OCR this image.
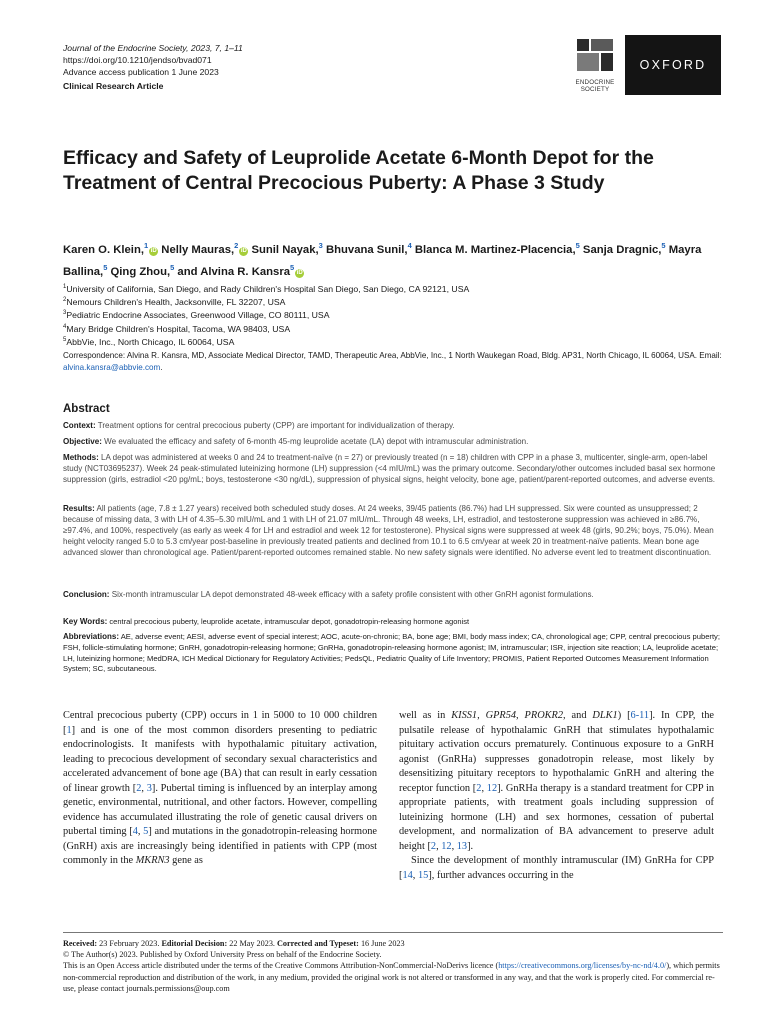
Journal of the Endocrine Society, 2023, 7, 1–11
https://doi.org/10.1210/jendso/bvad071
Advance access publication 1 June 2023
Clinical Research Article	ENDOCRINE
SOCIETY
OXFORD
Efficacy and Safety of Leuprolide Acetate 6-Month Depot for the Treatment of Central Precocious Puberty: A Phase 3 Study
Karen O. Klein,$^1$iD Nelly Mauras,$^2$iD Sunil Nayak,$^3$ Bhuvana Sunil,$^4$ Blanca M. Martinez-Placencia,$^5$ Sanja Dragnic,$^5$ Mayra Ballina,$^5$ Qing Zhou,$^5$ and Alvina R. Kansra$^5$iD
$^1$University of California, San Diego, and Rady Children's Hospital San Diego, San Diego, CA 92121, USA
$^2$Nemours Children's Health, Jacksonville, FL 32207, USA
$^3$Pediatric Endocrine Associates, Greenwood Village, CO 80111, USA
$^4$Mary Bridge Children's Hospital, Tacoma, WA 98403, USA
$^5$AbbVie, Inc., North Chicago, IL 60064, USA
Correspondence: Alvina R. Kansra, MD, Associate Medical Director, TAMD, Therapeutic Area, AbbVie, Inc., 1 North Waukegan Road, Bldg. AP31, North Chicago, IL 60064, USA. Email: alvina.kansra@abbvie.com.
Abstract
Context: Treatment options for central precocious puberty (CPP) are important for individualization of therapy.
Objective: We evaluated the efficacy and safety of 6-month 45-mg leuprolide acetate (LA) depot with intramuscular administration.
Methods: LA depot was administered at weeks 0 and 24 to treatment-naïve (n = 27) or previously treated (n = 18) children with CPP in a phase 3, multicenter, single-arm, open-label study (NCT03695237). Week 24 peak-stimulated luteinizing hormone (LH) suppression (<4 mIU/mL) was the primary outcome. Secondary/other outcomes included basal sex hormone suppression (girls, estradiol <20 pg/mL; boys, testosterone <30 ng/dL), suppression of physical signs, height velocity, bone age, patient/parent-reported outcomes, and adverse events.
Results: All patients (age, 7.8 ± 1.27 years) received both scheduled study doses. At 24 weeks, 39/45 patients (86.7%) had LH suppressed. Six were counted as unsuppressed; 2 because of missing data, 3 with LH of 4.35–5.30 mIU/mL and 1 with LH of 21.07 mIU/mL. Through 48 weeks, LH, estradiol, and testosterone suppression was achieved in ≥86.7%, ≥97.4%, and 100%, respectively (as early as week 4 for LH and estradiol and week 12 for testosterone). Physical signs were suppressed at week 48 (girls, 90.2%; boys, 75.0%). Mean height velocity ranged 5.0 to 5.3 cm/year post-baseline in previously treated patients and declined from 10.1 to 6.5 cm/year at week 20 in treatment-naïve patients. Mean bone age advanced slower than chronological age. Patient/parent-reported outcomes remained stable. No new safety signals were identified. No adverse event led to treatment discontinuation.
Conclusion: Six-month intramuscular LA depot demonstrated 48-week efficacy with a safety profile consistent with other GnRH agonist formulations.
Key Words: central precocious puberty, leuprolide acetate, intramuscular depot, gonadotropin-releasing hormone agonist
Abbreviations: AE, adverse event; AESI, adverse event of special interest; AOC, acute-on-chronic; BA, bone age; BMI, body mass index; CA, chronological age; CPP, central precocious puberty; FSH, follicle-stimulating hormone; GnRH, gonadotropin-releasing hormone; GnRHa, gonadotropin-releasing hormone agonist; IM, intramuscular; ISR, injection site reaction; LA, leuprolide acetate; LH, luteinizing hormone; MedDRA, ICH Medical Dictionary for Regulatory Activities; PedsQL, Pediatric Quality of Life Inventory; PROMIS, Patient Reported Outcomes Measurement Information System; SC, subcutaneous.

Central precocious puberty (CPP) occurs in 1 in 5000 to 10 000 children [1] and is one of the most common disorders presenting to pediatric endocrinologists. It manifests with hypothalamic pituitary activation, leading to precocious development of secondary sexual characteristics and accelerated advancement of bone age (BA) that can result in early cessation of linear growth [2, 3]. Pubertal timing is influenced by an interplay among genetic, environmental, nutritional, and other factors. However, compelling evidence has accumulated illustrating the role of genetic causal drivers on pubertal timing [4, 5] and mutations in the gonadotropin-releasing hormone (GnRH) axis are increasingly being identified in patients with CPP (most commonly in the MKRN3 gene as

well as in KISS1, GPR54, PROKR2, and DLK1) [6-11]. In CPP, the pulsatile release of hypothalamic GnRH that stimulates hypothalamic pituitary activation occurs prematurely. Continuous exposure to a GnRH agonist (GnRHa) suppresses gonadotropin release, most likely by desensitizing pituitary receptors to hypothalamic GnRH and altering the receptor function [2, 12]. GnRHa therapy is a standard treatment for CPP in appropriate patients, with treatment goals including suppression of luteinizing hormone (LH) and sex hormones, cessation of pubertal development, and normalization of BA advancement to preserve adult height [2, 12, 13].

Since the development of monthly intramuscular (IM) GnRHa for CPP [14, 15], further advances occurring in the

Received: 23 February 2023. Editorial Decision: 22 May 2023. Corrected and Typeset: 16 June 2023
© The Author(s) 2023. Published by Oxford University Press on behalf of the Endocrine Society.
This is an Open Access article distributed under the terms of the Creative Commons Attribution-NonCommercial-NoDerivs licence (https://creativecommons.org/licenses/by-nc-nd/4.0/), which permits non-commercial reproduction and distribution of the work, in any medium, provided the original work is not altered or transformed in any way, and that the work is properly cited. For commercial re-use, please contact journals.permissions@oup.com
